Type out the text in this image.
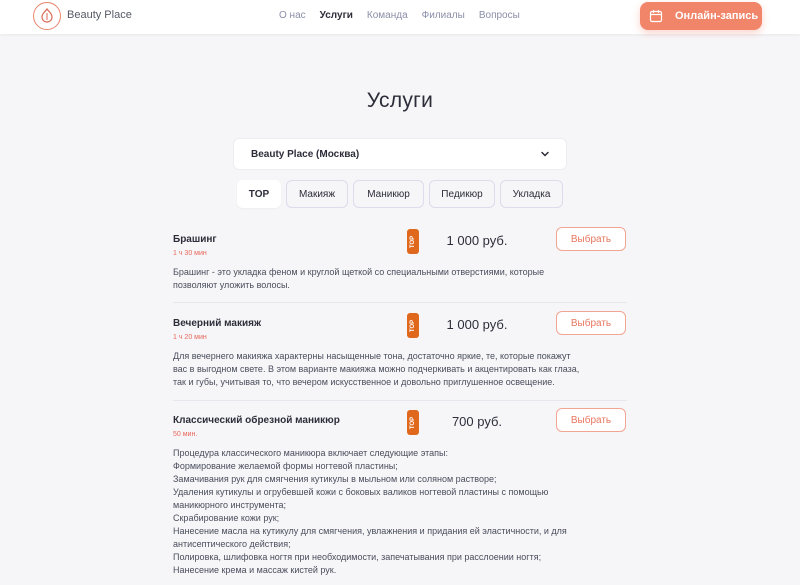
Beauty Place	О нас Услуги Команда Филиалы Вопросы	Онлайн-запись
Услуги
Beauty Place (Москва)
TOP	Макияж	Маникюр	Педикюр	Укладка
Брашинг
1 ч 30 мин
TOP	1 000 руб.	Выбрать
Брашинг - это укладка феном и круглой щеткой со специальными отверстиями, которые
позволяют уложить волосы.
Вечерний макияж
1 ч 20 мин
TOP	1 000 руб.	Выбрать
Для вечернего макияжа характерны насыщенные тона, достаточно яркие, те, которые покажут
вас в выгодном свете. В этом варианте макияжа можно подчеркивать и акцентировать как глаза,
так и губы, учитывая то, что вечером искусственное и довольно приглушенное освещение.
Классический обрезной маникюр
50 мин.
TOP	700 руб.	Выбрать
Процедура классического маникюра включает следующие этапы:
Формирование желаемой формы ногтевой пластины;
Замачивания рук для смягчения кутикулы в мыльном или соляном растворе;
Удаления кутикулы и огрубевшей кожи с боковых валиков ногтевой пластины с помощью
маникюрного инструмента;
Скрабирование кожи рук;
Нанесение масла на кутикулу для смягчения, увлажнения и придания ей эластичности, и для
антисептического действия;
Полировка, шлифовка ногтя при необходимости, запечатывания при расслоении ногтя;
Нанесение крема и массаж кистей рук.
